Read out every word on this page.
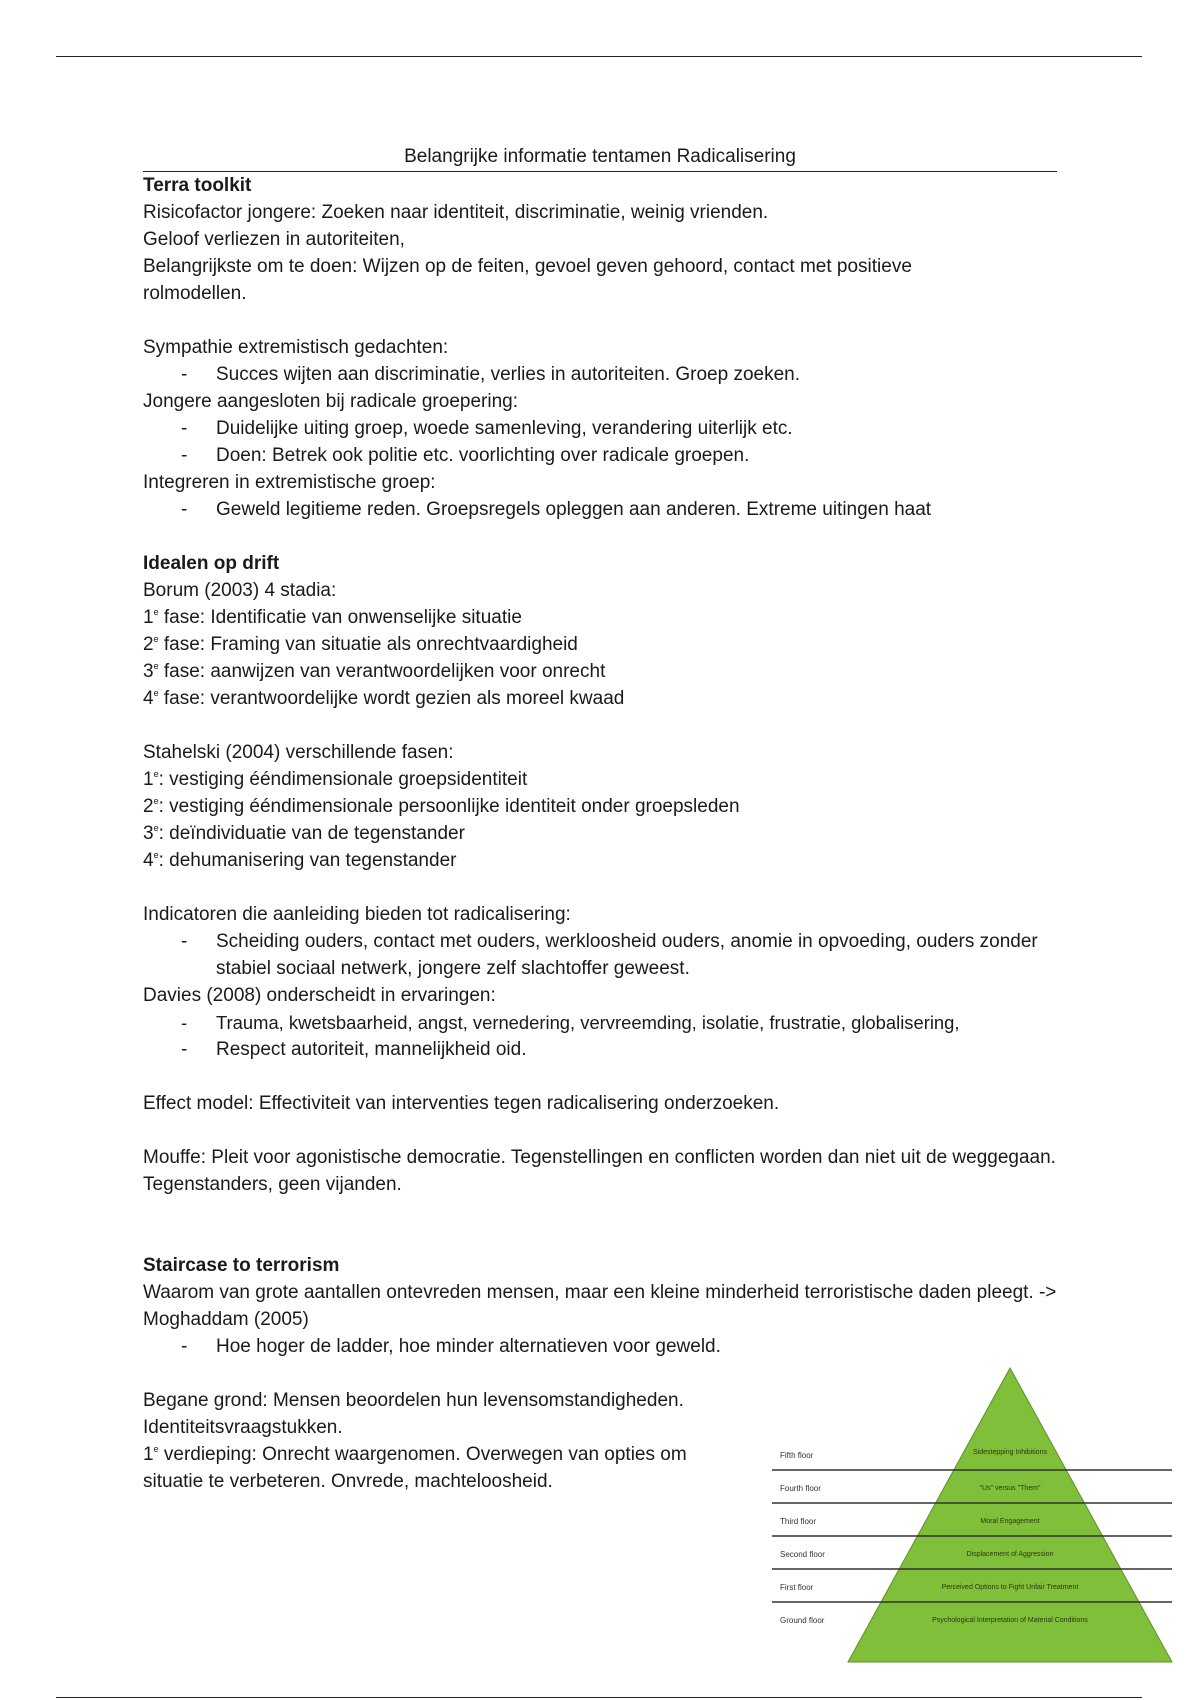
Belangrijke informatie tentamen Radicalisering
Terra toolkit

Risicofactor jongere: Zoeken naar identiteit, discriminatie, weinig vrienden.

Geloof verliezen in autoriteiten,

Belangrijkste om te doen: Wijzen op de feiten, gevoel geven gehoord, contact met positieve rolmodellen.

Sympathie extremistisch gedachten:

- Succes wijten aan discriminatie, verlies in autoriteiten. Groep zoeken.

Jongere aangesloten bij radicale groepering:

- Duidelijke uiting groep, woede samenleving, verandering uiterlijk etc.
- Doen: Betrek ook politie etc. voorlichting over radicale groepen.

Integreren in extremistische groep:

- Geweld legitieme reden. Groepsregels opleggen aan anderen. Extreme uitingen haat
Idealen op drift

Borum (2003) 4 stadia:

1e fase: Identificatie van onwenselijke situatie

2e fase: Framing van situatie als onrechtvaardigheid

3e fase: aanwijzen van verantwoordelijken voor onrecht

4e fase: verantwoordelijke wordt gezien als moreel kwaad

Stahelski (2004) verschillende fasen:

1e: vestiging ééndimensionale groepsidentiteit

2e: vestiging ééndimensionale persoonlijke identiteit onder groepsleden

3e: deïndividuatie van de tegenstander

4e: dehumanisering van tegenstander

Indicatoren die aanleiding bieden tot radicalisering:

- Scheiding ouders, contact met ouders, werkloosheid ouders, anomie in opvoeding, ouders zonder stabiel sociaal netwerk, jongere zelf slachtoffer geweest.

Davies (2008) onderscheidt in ervaringen:

- Trauma, kwetsbaarheid, angst, vernedering, vervreemding, isolatie, frustratie, globalisering,
- Respect autoriteit, mannelijkheid oid.

Effect model: Effectiviteit van interventies tegen radicalisering onderzoeken.

Mouffe: Pleit voor agonistische democratie. Tegenstellingen en conflicten worden dan niet uit de weggegaan. Tegenstanders, geen vijanden.

Staircase to terrorism

Waarom van grote aantallen ontevreden mensen, maar een kleine minderheid terroristische daden pleegt. -> Moghaddam (2005)

- Hoe hoger de ladder, hoe minder alternatieven voor geweld.

Begane grond: Mensen beoordelen hun levensomstandigheden. Identiteitsvraagstukken.

1e verdieping: Onrecht waargenomen. Overwegen van opties om situatie te verbeteren. Onvrede, machteloosheid.

Fifth floor
Fourth floor
Third floor
Second floor
First floor
Ground floor
Sidestepping Inhibitions
"Us" versus "Them"
Moral Engagement
Displacement of Aggression
Perceived Options to Fight Unfair Treatment
Psychological Interpretation of Material Conditions
